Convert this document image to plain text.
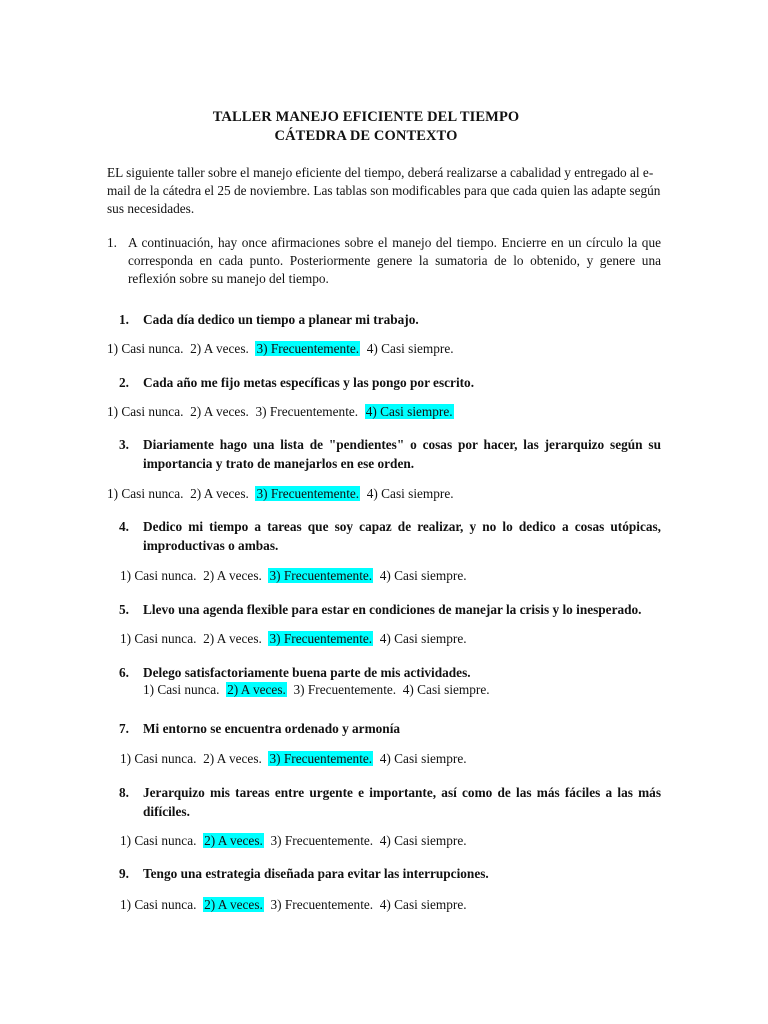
TALLER MANEJO EFICIENTE DEL TIEMPO
CÁTEDRA DE CONTEXTO
EL siguiente taller sobre el manejo eficiente del tiempo, deberá realizarse a cabalidad y entregado al e-mail de la cátedra el 25 de noviembre. Las tablas son modificables para que cada quien las adapte según sus necesidades.
1. A continuación, hay once afirmaciones sobre el manejo del tiempo. Encierre en un círculo la que corresponda en cada punto. Posteriormente genere la sumatoria de lo obtenido, y genere una reflexión sobre su manejo del tiempo.
1. Cada día dedico un tiempo a planear mi trabajo.
1) Casi nunca. 2) A veces. 3) Frecuentemente. 4) Casi siempre.
2. Cada año me fijo metas específicas y las pongo por escrito.
1) Casi nunca. 2) A veces. 3) Frecuentemente. 4) Casi siempre.
3. Diariamente hago una lista de "pendientes" o cosas por hacer, las jerarquizo según su importancia y trato de manejarlos en ese orden.
1) Casi nunca. 2) A veces. 3) Frecuentemente. 4) Casi siempre.
4. Dedico mi tiempo a tareas que soy capaz de realizar, y no lo dedico a cosas utópicas, improductivas o ambas.
1) Casi nunca. 2) A veces. 3) Frecuentemente. 4) Casi siempre.
5. Llevo una agenda flexible para estar en condiciones de manejar la crisis y lo inesperado.
1) Casi nunca. 2) A veces. 3) Frecuentemente. 4) Casi siempre.
6. Delego satisfactoriamente buena parte de mis actividades.
1) Casi nunca. 2) A veces. 3) Frecuentemente. 4) Casi siempre.
7. Mi entorno se encuentra ordenado y armonía
1) Casi nunca. 2) A veces. 3) Frecuentemente. 4) Casi siempre.
8. Jerarquizo mis tareas entre urgente e importante, así como de las más fáciles a las más difíciles.
1) Casi nunca. 2) A veces. 3) Frecuentemente. 4) Casi siempre.
9. Tengo una estrategia diseñada para evitar las interrupciones.
1) Casi nunca. 2) A veces. 3) Frecuentemente. 4) Casi siempre.
